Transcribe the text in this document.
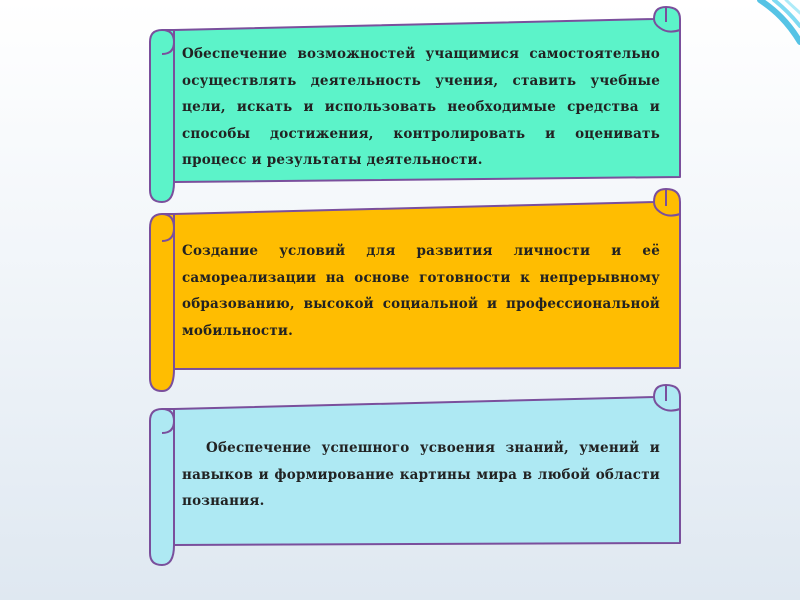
Обеспечение возможностей учащимися самостоятельно осуществлять деятельность учения, ставить учебные цели, искать и использовать необходимые средства и способы достижения, контролировать и оценивать процесс и результаты деятельности.

Создание условий для развития личности и её самореализации на основе готовности к непрерывному образованию, высокой социальной и профессиональной мобильности.

Обеспечение успешного усвоения знаний, умений и навыков и формирование картины мира в любой области познания.
